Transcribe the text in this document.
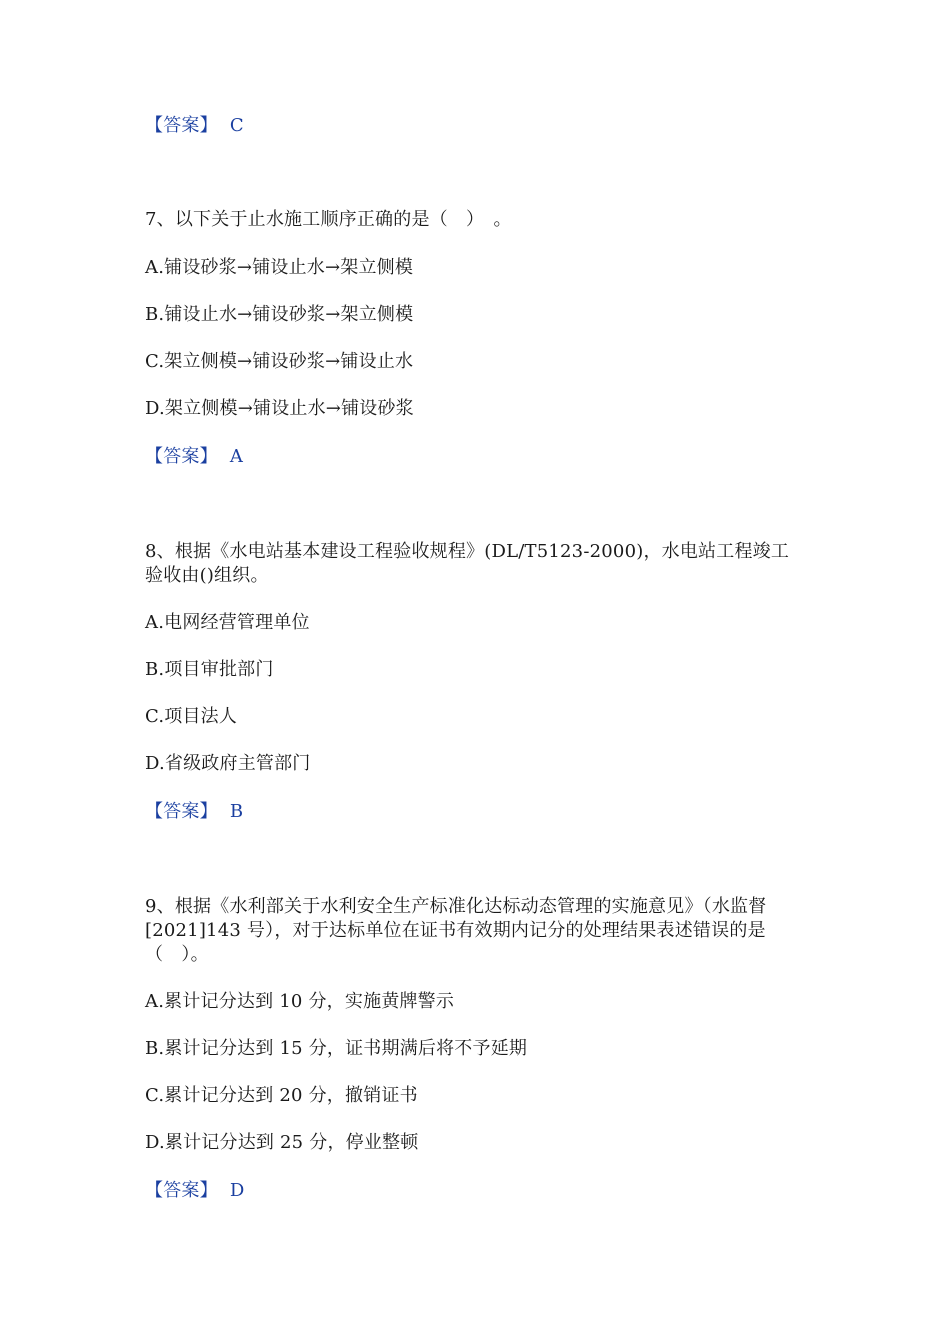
【答案】 C
7、以下关于止水施工顺序正确的是（　）　。
A.铺设砂浆→铺设止水→架立侧模
B.铺设止水→铺设砂浆→架立侧模
C.架立侧模→铺设砂浆→铺设止水
D.架立侧模→铺设止水→铺设砂浆
【答案】 A
8、根据《水电站基本建设工程验收规程》(DL/T5123-2000)，水电站工程竣工
验收由()组织。
A.电网经营管理单位
B.项目审批部门
C.项目法人
D.省级政府主管部门
【答案】 B
9、根据《水利部关于水利安全生产标准化达标动态管理的实施意见》（水监督
[2021]143 号），对于达标单位在证书有效期内记分的处理结果表述错误的是
（　）。
A.累计记分达到 10 分，实施黄牌警示
B.累计记分达到 15 分，证书期满后将不予延期
C.累计记分达到 20 分，撤销证书
D.累计记分达到 25 分，停业整顿
【答案】 D
